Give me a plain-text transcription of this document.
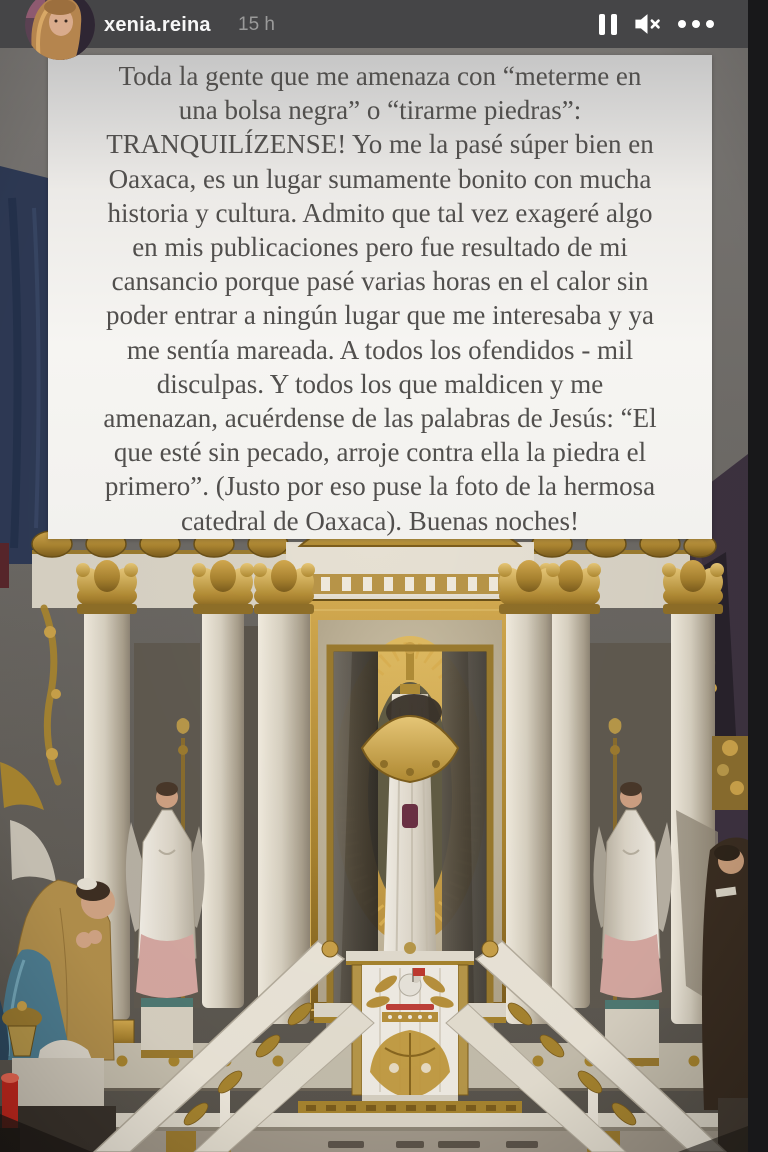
Toda la gente que me amenaza con “meterme en
una bolsa negra” o “tirarme piedras”:
TRANQUILÍZENSE! Yo me la pasé súper bien en
Oaxaca, es un lugar sumamente bonito con mucha
historia y cultura. Admito que tal vez exageré algo
en mis publicaciones pero fue resultado de mi
cansancio porque pasé varias horas en el calor sin
poder entrar a ningún lugar que me interesaba y ya
me sentía mareada. A todos los ofendidos - mil
disculpas. Y todos los que maldicen y me
amenazan, acuérdense de las palabras de Jesús: “El
que esté sin pecado, arroje contra ella la piedra el
primero”. (Justo por eso puse la foto de la hermosa
catedral de Oaxaca). Buenas noches!
xenia.reina 15 h
